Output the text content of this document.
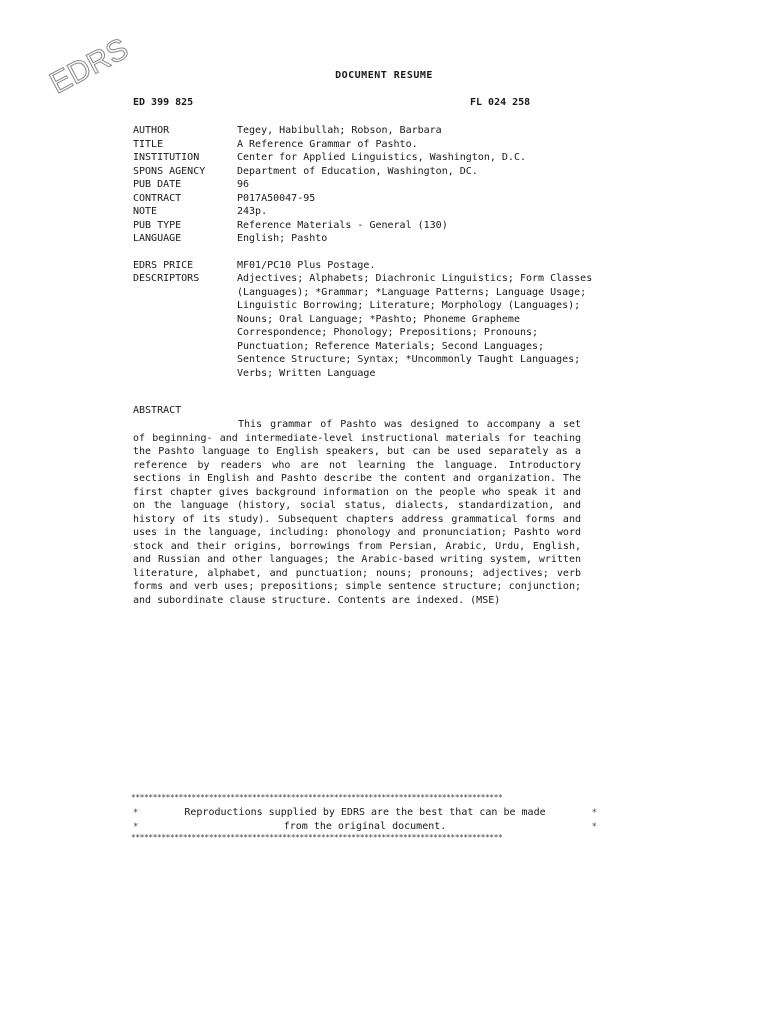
EDRS	DOCUMENT RESUME
ED 399 825	FL 024 258
AUTHOR	Tegey, Habibullah; Robson, Barbara
TITLE	A Reference Grammar of Pashto.
INSTITUTION	Center for Applied Linguistics, Washington, D.C.
SPONS AGENCY	Department of Education, Washington, DC.
PUB DATE	96
CONTRACT	P017A50047-95
NOTE	243p.
PUB TYPE	Reference Materials - General (130)
LANGUAGE	English; Pashto
EDRS PRICE	MF01/PC10 Plus Postage.
DESCRIPTORS	Adjectives; Alphabets; Diachronic Linguistics; Form Classes (Languages); *Grammar; *Language Patterns; Language Usage; Linguistic Borrowing; Literature; Morphology (Languages); Nouns; Oral Language; *Pashto; Phoneme Grapheme Correspondence; Phonology; Prepositions; Pronouns; Punctuation; Reference Materials; Second Languages; Sentence Structure; Syntax; *Uncommonly Taught Languages; Verbs; Written Language
ABSTRACT
This grammar of Pashto was designed to accompany a set of beginning- and intermediate-level instructional materials for teaching the Pashto language to English speakers, but can be used separately as a reference by readers who are not learning the language. Introductory sections in English and Pashto describe the content and organization. The first chapter gives background information on the people who speak it and on the language (history, social status, dialects, standardization, and history of its study). Subsequent chapters address grammatical forms and uses in the language, including: phonology and pronunciation; Pashto word stock and their origins, borrowings from Persian, Arabic, Urdu, English, and Russian and other languages; the Arabic-based writing system, written literature, alphabet, and punctuation; nouns; pronouns; adjectives; verb forms and verb uses; prepositions; simple sentence structure; conjunction; and subordinate clause structure. Contents are indexed. (MSE)
**************************************************************************************
*	Reproductions supplied by EDRS are the best that can be made	*
*	from the original document.	*
**************************************************************************************
